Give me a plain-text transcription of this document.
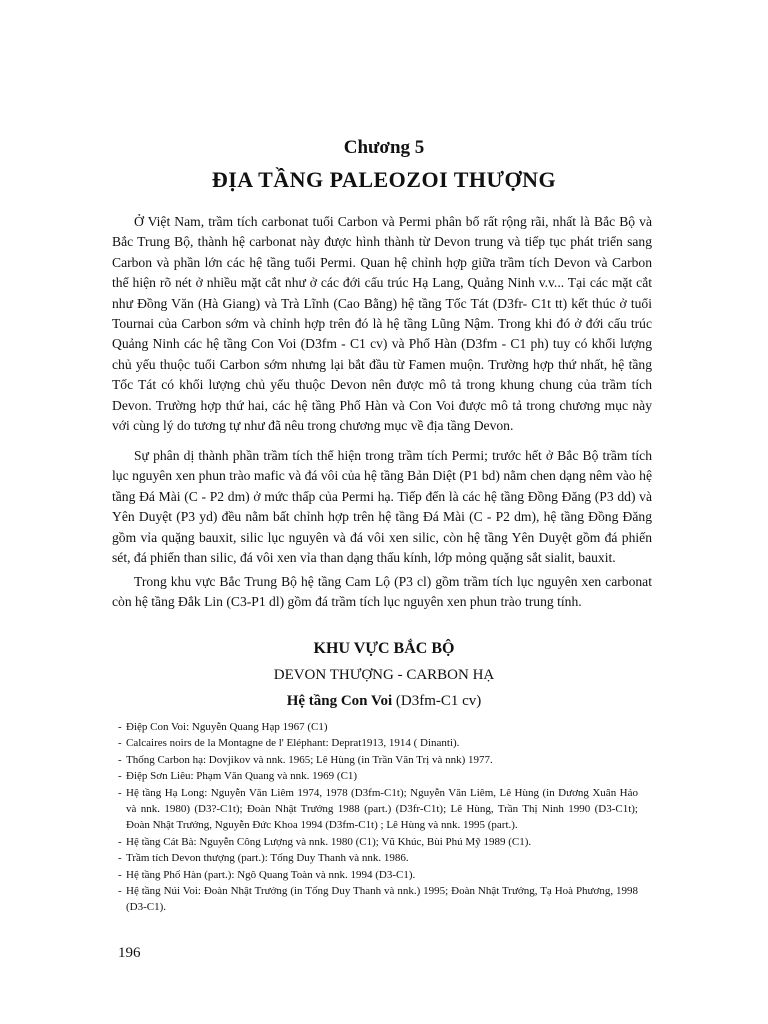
Chương 5
ĐỊA TẦNG PALEOZOI THƯỢNG

Ở Việt Nam, trầm tích carbonat tuổi Carbon và Permi phân bố rất rộng rãi, nhất là Bắc Bộ và Bắc Trung Bộ, thành hệ carbonat này được hình thành từ Devon trung và tiếp tục phát triển sang Carbon và phần lớn các hệ tầng tuổi Permi. Quan hệ chỉnh hợp giữa trầm tích Devon và Carbon thể hiện rõ nét ở nhiều mặt cắt như ở các đới cấu trúc Hạ Lang, Quảng Ninh v.v... Tại các mặt cắt như Đồng Văn (Hà Giang) và Trà Lĩnh (Cao Bằng) hệ tầng Tốc Tát (D3fr- C1t tt) kết thúc ở tuổi Tournai của Carbon sớm và chỉnh hợp trên đó là hệ tầng Lũng Nậm. Trong khi đó ở đới cấu trúc Quảng Ninh các hệ tầng Con Voi (D3fm - C1 cv) và Phố Hàn (D3fm - C1 ph) tuy có khối lượng chủ yếu thuộc tuổi Carbon sớm nhưng lại bắt đầu từ Famen muộn. Trường hợp thứ nhất, hệ tầng Tốc Tát có khối lượng chủ yếu thuộc Devon nên được mô tả trong khung chung của trầm tích Devon. Trường hợp thứ hai, các hệ tầng Phố Hàn và Con Voi được mô tả trong chương mục này với cùng lý do tương tự như đã nêu trong chương mục về địa tầng Devon.

Sự phân dị thành phần trầm tích thể hiện trong trầm tích Permi; trước hết ở Bắc Bộ trầm tích lục nguyên xen phun trào mafic và đá vôi của hệ tầng Bản Diệt (P1 bd) nằm chen dạng nêm vào hệ tầng Đá Mài (C - P2 dm) ở mức thấp của Permi hạ. Tiếp đến là các hệ tầng Đồng Đăng (P3 dd) và Yên Duyệt (P3 yd) đều nằm bất chỉnh hợp trên hệ tầng Đá Mài (C - P2 dm), hệ tầng Đồng Đăng gồm vỉa quặng bauxit, silic lục nguyên và đá vôi xen silic, còn hệ tầng Yên Duyệt gồm đá phiến sét, đá phiến than silic, đá vôi xen vỉa than dạng thấu kính, lớp mỏng quặng sắt sialit, bauxit.

Trong khu vực Bắc Trung Bộ hệ tầng Cam Lộ (P3 cl) gồm trầm tích lục nguyên xen carbonat còn hệ tầng Đắk Lin (C3-P1 dl) gồm đá trầm tích lục nguyên xen phun trào trung tính.

KHU VỰC BẮC BỘ
DEVON THƯỢNG - CARBON HẠ
Hệ tầng Con Voi (D3fm-C1 cv)
- Điệp Con Voi: Nguyễn Quang Hạp 1967 (C1)
- Calcaires noirs de la Montagne de l' Eléphant: Deprat1913, 1914 ( Dinanti).
- Thống Carbon hạ: Dovjikov và nnk. 1965; Lê Hùng (in Trần Văn Trị và nnk) 1977.
- Điệp Sơn Liêu: Phạm Văn Quang và nnk. 1969 (C1)
- Hệ tầng Hạ Long: Nguyễn Văn Liêm 1974, 1978 (D3fm-C1t); Nguyễn Văn Liêm, Lê Hùng (in Dương Xuân Hảo và nnk. 1980) (D3?-C1t); Đoàn Nhật Trưởng 1988 (part.) (D3fr-C1t); Lê Hùng, Trần Thị Ninh 1990 (D3-C1t); Đoàn Nhật Trưởng, Nguyễn Đức Khoa 1994 (D3fm-C1t) ; Lê Hùng và nnk. 1995 (part.).
- Hệ tầng Cát Bà: Nguyễn Công Lượng và nnk. 1980 (C1); Vũ Khúc, Bùi Phú Mỹ 1989 (C1).
- Trầm tích Devon thượng (part.): Tống Duy Thanh và nnk. 1986.
- Hệ tầng Phố Hàn (part.): Ngô Quang Toàn và nnk. 1994 (D3-C1).
- Hệ tầng Núi Voi: Đoàn Nhật Trưởng (in Tống Duy Thanh và nnk.) 1995; Đoàn Nhật Trưởng, Tạ Hoà Phương, 1998 (D3-C1).
196
